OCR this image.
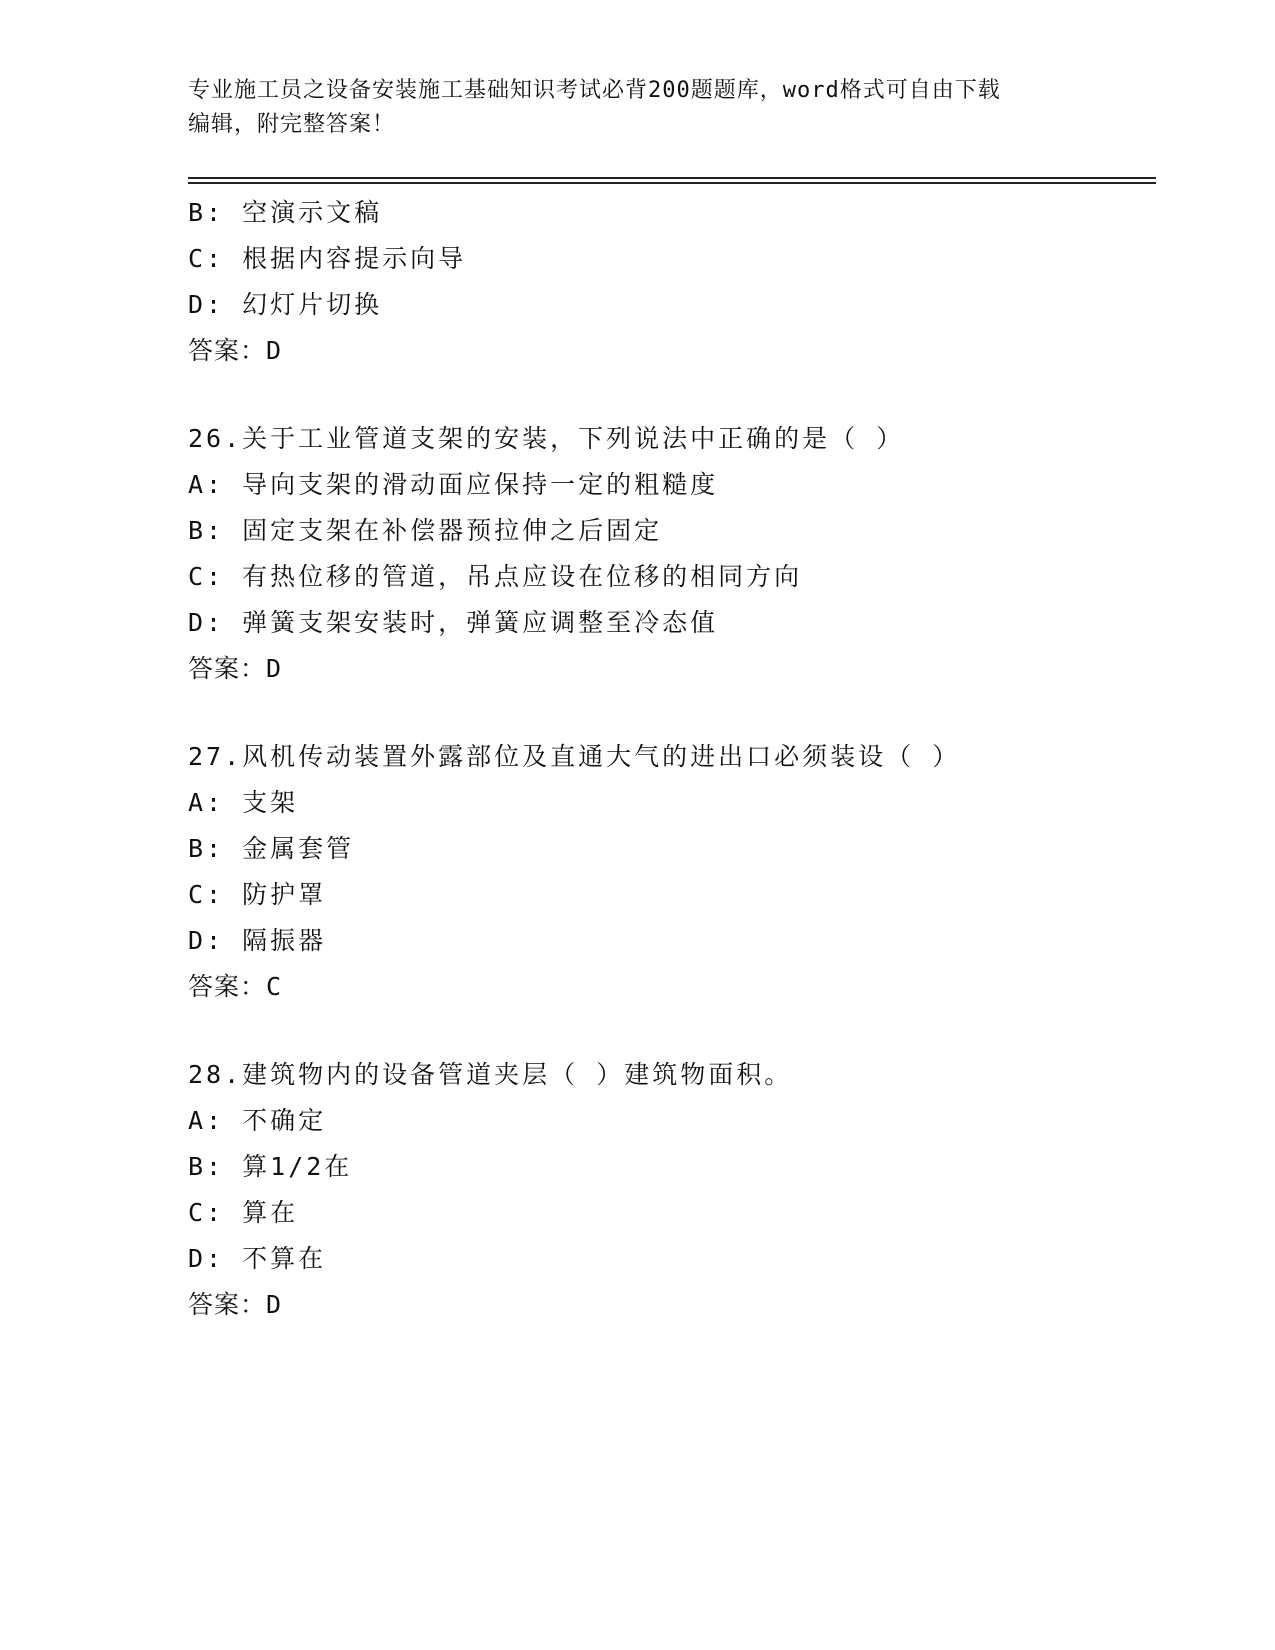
专业施工员之设备安装施工基础知识考试必背200题题库，word格式可自由下载
编辑，附完整答案！
B: 空演示文稿
C: 根据内容提示向导
D: 幻灯片切换
答案：D
26.关于工业管道支架的安装，下列说法中正确的是（ ）
A: 导向支架的滑动面应保持一定的粗糙度
B: 固定支架在补偿器预拉伸之后固定
C: 有热位移的管道，吊点应设在位移的相同方向
D: 弹簧支架安装时，弹簧应调整至冷态值
答案：D
27.风机传动装置外露部位及直通大气的进出口必须装设（ ）
A: 支架
B: 金属套管
C: 防护罩
D: 隔振器
答案：C
28.建筑物内的设备管道夹层（ ）建筑物面积。
A: 不确定
B: 算1/2在
C: 算在
D: 不算在
答案：D
